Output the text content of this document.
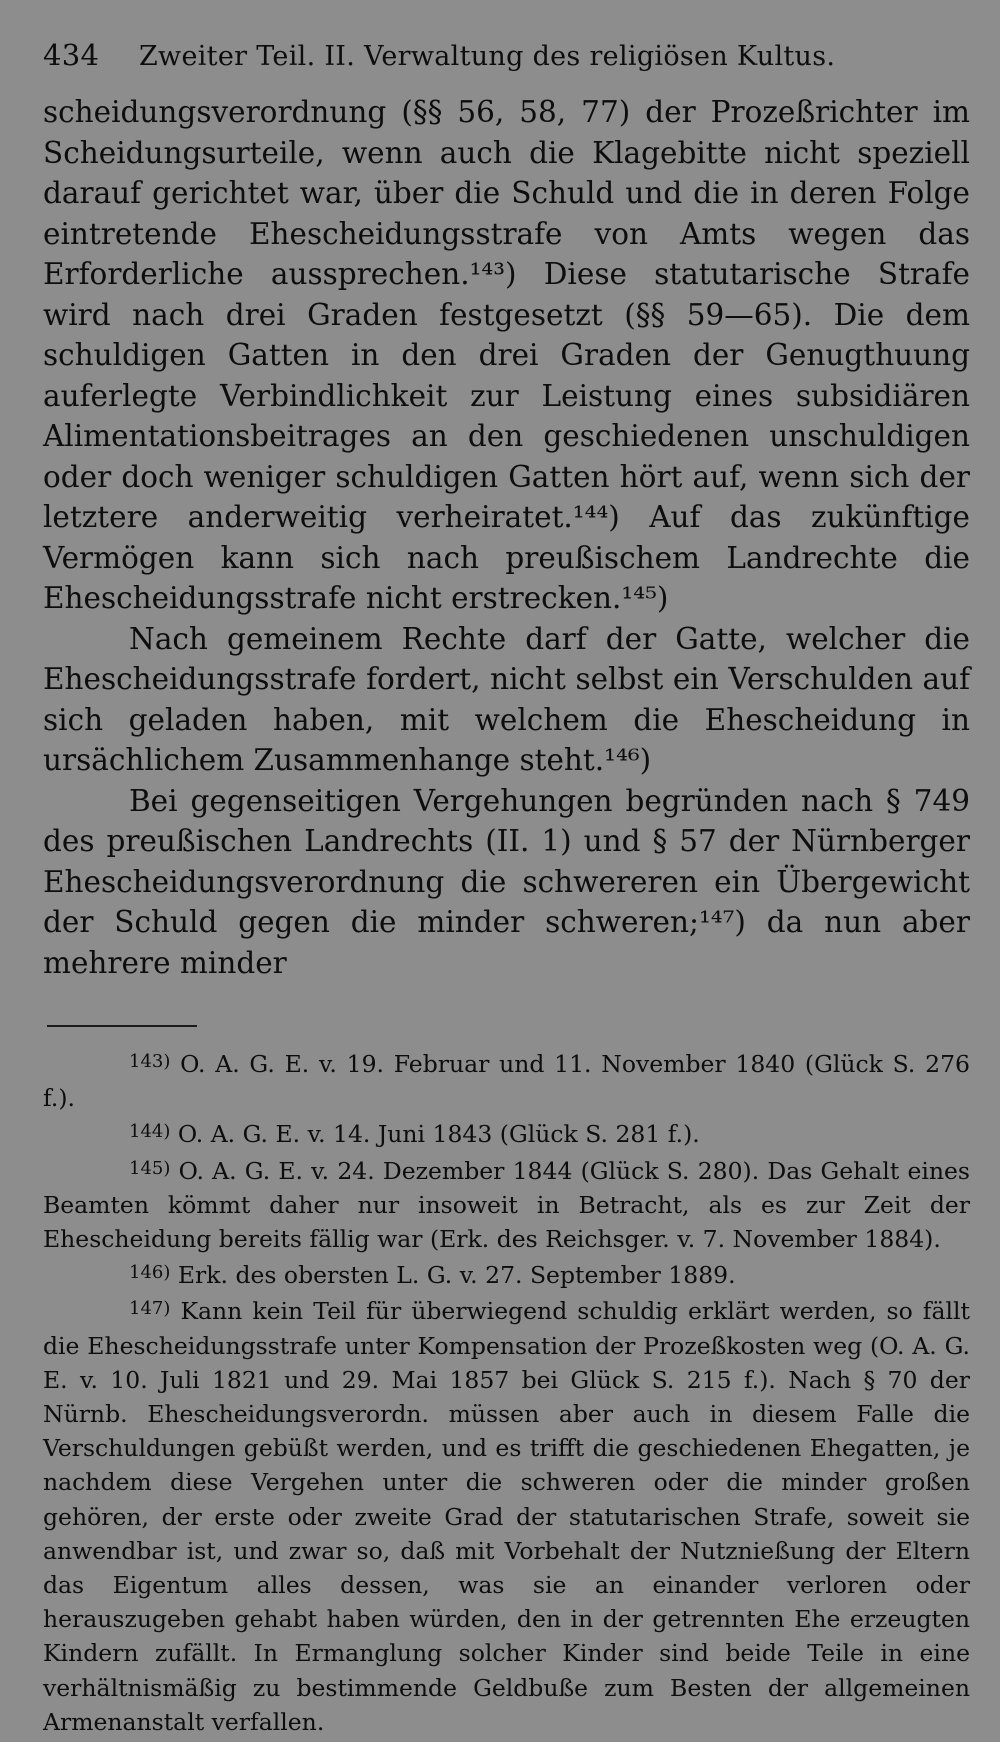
434	Zweiter Teil. II. Verwaltung des religiösen Kultus.

scheidungsverordnung (§§ 56, 58, 77) der Prozeßrichter im Scheidungsurteile, wenn auch die Klagebitte nicht speziell darauf gerichtet war, über die Schuld und die in deren Folge eintretende Ehescheidungsstrafe von Amts wegen das Erforderliche aussprechen.¹⁴³) Diese statutarische Strafe wird nach drei Graden festgesetzt (§§ 59—65). Die dem schuldigen Gatten in den drei Graden der Genugthuung auferlegte Verbindlichkeit zur Leistung eines subsidiären Alimentationsbeitrages an den geschiedenen unschuldigen oder doch weniger schuldigen Gatten hört auf, wenn sich der letztere anderweitig verheiratet.¹⁴⁴) Auf das zukünftige Vermögen kann sich nach preußischem Landrechte die Ehescheidungsstrafe nicht erstrecken.¹⁴⁵)

Nach gemeinem Rechte darf der Gatte, welcher die Ehescheidungsstrafe fordert, nicht selbst ein Verschulden auf sich geladen haben, mit welchem die Ehescheidung in ursächlichem Zusammenhange steht.¹⁴⁶)

Bei gegenseitigen Vergehungen begründen nach § 749 des preußischen Landrechts (II. 1) und § 57 der Nürnberger Ehescheidungsverordnung die schwereren ein Übergewicht der Schuld gegen die minder schweren;¹⁴⁷) da nun aber mehrere minder

$^{143)}$ O. A. G. E. v. 19. Februar und 11. November 1840 (Glück S. 276 f.).

$^{144)}$ O. A. G. E. v. 14. Juni 1843 (Glück S. 281 f.).

$^{145)}$ O. A. G. E. v. 24. Dezember 1844 (Glück S. 280). Das Gehalt eines Beamten kömmt daher nur insoweit in Betracht, als es zur Zeit der Ehescheidung bereits fällig war (Erk. des Reichsger. v. 7. November 1884).

$^{146)}$ Erk. des obersten L. G. v. 27. September 1889.

$^{147)}$ Kann kein Teil für überwiegend schuldig erklärt werden, so fällt die Ehescheidungsstrafe unter Kompensation der Prozeßkosten weg (O. A. G. E. v. 10. Juli 1821 und 29. Mai 1857 bei Glück S. 215 f.). Nach § 70 der Nürnb. Ehescheidungsverordn. müssen aber auch in diesem Falle die Verschuldungen gebüßt werden, und es trifft die geschiedenen Ehegatten, je nachdem diese Vergehen unter die schweren oder die minder großen gehören, der erste oder zweite Grad der statutarischen Strafe, soweit sie anwendbar ist, und zwar so, daß mit Vorbehalt der Nutznießung der Eltern das Eigentum alles dessen, was sie an einander verloren oder herauszugeben gehabt haben würden, den in der getrennten Ehe erzeugten Kindern zufällt. In Ermanglung solcher Kinder sind beide Teile in eine verhältnismäßig zu bestimmende Geldbuße zum Besten der allgemeinen Armenanstalt verfallen.
